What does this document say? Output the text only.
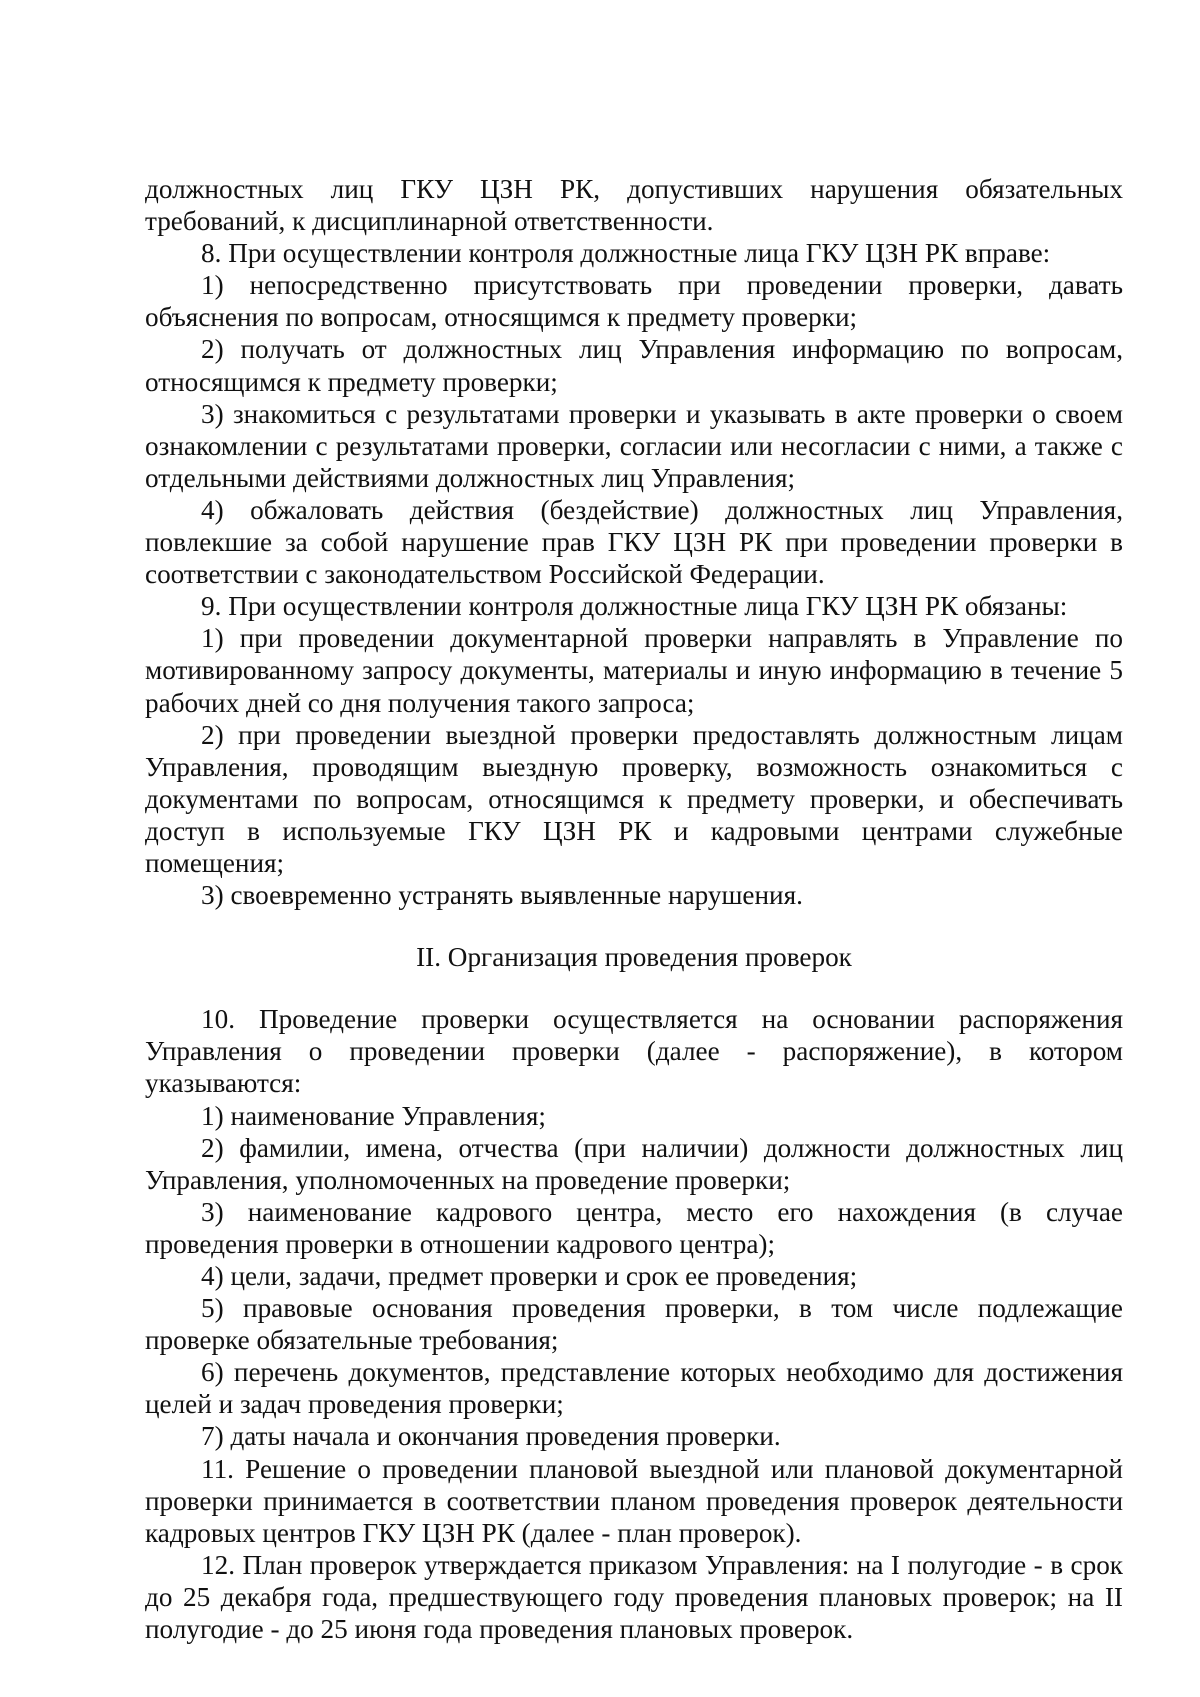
должностных лиц ГКУ ЦЗН РК, допустивших нарушения обязательных требований, к дисциплинарной ответственности.

8. При осуществлении контроля должностные лица ГКУ ЦЗН РК вправе:

1) непосредственно присутствовать при проведении проверки, давать объяснения по вопросам, относящимся к предмету проверки;

2) получать от должностных лиц Управления информацию по вопросам, относящимся к предмету проверки;

3) знакомиться с результатами проверки и указывать в акте проверки о своем ознакомлении с результатами проверки, согласии или несогласии с ними, а также с отдельными действиями должностных лиц Управления;

4) обжаловать действия (бездействие) должностных лиц Управления, повлекшие за собой нарушение прав ГКУ ЦЗН РК при проведении проверки в соответствии с законодательством Российской Федерации.

9. При осуществлении контроля должностные лица ГКУ ЦЗН РК обязаны:

1) при проведении документарной проверки направлять в Управление по мотивированному запросу документы, материалы и иную информацию в течение 5 рабочих дней со дня получения такого запроса;

2) при проведении выездной проверки предоставлять должностным лицам Управления, проводящим выездную проверку, возможность ознакомиться с документами по вопросам, относящимся к предмету проверки, и обеспечивать доступ в используемые ГКУ ЦЗН РК и кадровыми центрами служебные помещения;

3) своевременно устранять выявленные нарушения.

II. Организация проведения проверок

10. Проведение проверки осуществляется на основании распоряжения Управления о проведении проверки (далее - распоряжение), в котором указываются:

1) наименование Управления;

2) фамилии, имена, отчества (при наличии) должности должностных лиц Управления, уполномоченных на проведение проверки;

3) наименование кадрового центра, место его нахождения (в случае проведения проверки в отношении кадрового центра);

4) цели, задачи, предмет проверки и срок ее проведения;

5) правовые основания проведения проверки, в том числе подлежащие проверке обязательные требования;

6) перечень документов, представление которых необходимо для достижения целей и задач проведения проверки;

7) даты начала и окончания проведения проверки.

11. Решение о проведении плановой выездной или плановой документарной проверки принимается в соответствии планом проведения проверок деятельности кадровых центров ГКУ ЦЗН РК (далее - план проверок).

12. План проверок утверждается приказом Управления: на I полугодие - в срок до 25 декабря года, предшествующего году проведения плановых проверок; на II полугодие - до 25 июня года проведения плановых проверок.
